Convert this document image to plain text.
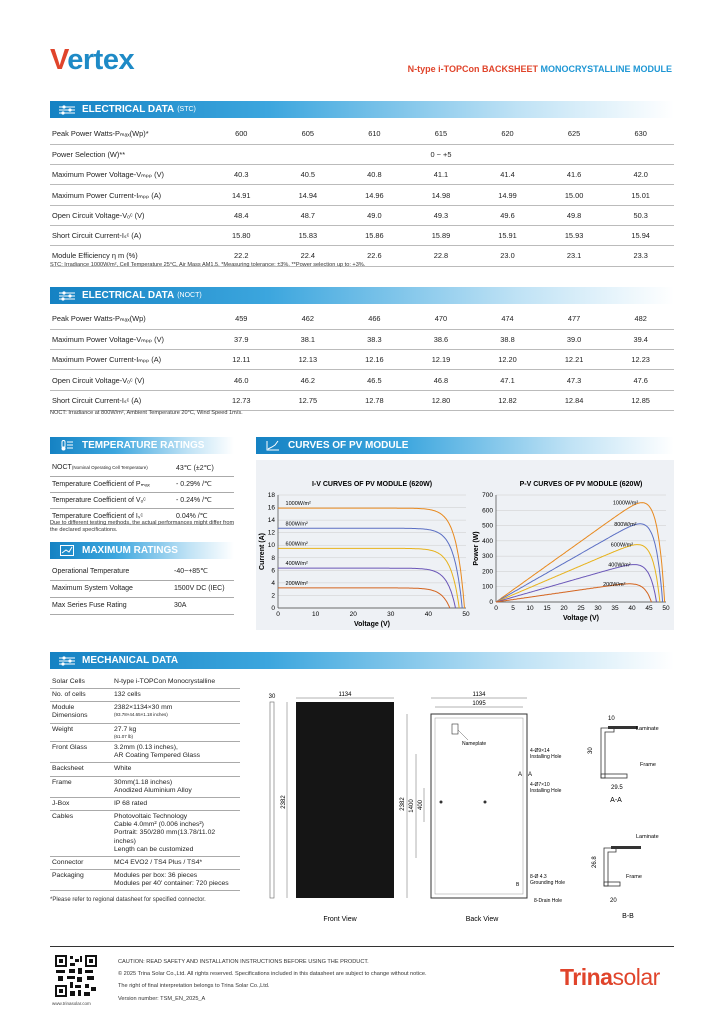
Vertex	N-type i-TOPCon BACKSHEET MONOCRYSTALLINE MODULE
ELECTRICAL DATA (STC)
Peak Power Watts-Pₘₐₓ(Wp)*	600	605	610	615	620	625	630
Power Selection (W)**	0 ~ +5						
Maximum Power Voltage-Vₘₚₚ (V)	40.3	40.5	40.8	41.1	41.4	41.6	42.0
Maximum Power Current-Iₘₚₚ (A)	14.91	14.94	14.96	14.98	14.99	15.00	15.01
Open Circuit Voltage-Vₒᶜ (V)	48.4	48.7	49.0	49.3	49.6	49.8	50.3
Short Circuit Current-Iₛᶜ (A)	15.80	15.83	15.86	15.89	15.91	15.93	15.94
Module Efficiency η m (%)	22.2	22.4	22.6	22.8	23.0	23.1	23.3
STC: Irradiance 1000W/m², Cell Temperature 25°C, Air Mass AM1.5. *Measuring tolerance: ±3%. **Power selection up to: +3%.
ELECTRICAL DATA (NOCT)
Peak Power Watts-Pₘₐₓ(Wp)	459	462	466	470	474	477	482
Maximum Power Voltage-Vₘₚₚ (V)	37.9	38.1	38.3	38.6	38.8	39.0	39.4
Maximum Power Current-Iₘₚₚ (A)	12.11	12.13	12.16	12.19	12.20	12.21	12.23
Open Circuit Voltage-Vₒᶜ (V)	46.0	46.2	46.5	46.8	47.1	47.3	47.6
Short Circuit Current-Iₛᶜ (A)	12.73	12.75	12.78	12.80	12.82	12.84	12.85
NOCT: Irradiance at 800W/m², Ambient Temperature 20°C, Wind Speed 1m/s.
TEMPERATURE RATINGS
NOCT(Nominal Operating Cell Temperature)	43℃ (±2℃)
Temperature Coefficient of Pₘₐₓ	- 0.29% /℃
Temperature Coefficient of Vₒᶜ	- 0.24% /℃
Temperature Coefficient of Iₛᶜ	0.04% /℃
Due to different testing methods, the actual performances might differ from the declared specifications.
MAXIMUM RATINGS
Operational Temperature	-40~+85℃
Maximum System Voltage	1500V DC (IEC)
Max Series Fuse Rating	30A
CURVES OF PV MODULE
I-V CURVES OF PV MODULE (620W)
0
2
4
6
8
10
12
14
16
18
0	10	20	30	40	50
Voltage (V)
Current (A)
1000W/m²
800W/m²
600W/m²
400W/m²
200W/m²
P-V CURVES OF PV MODULE (620W)
0
100
200
300
400
500
600
700
0 5 10 15 20 25 30 35 40 45 50
Voltage (V)
Power (W)
1000W/m²
800W/m²
600W/m²
400W/m²
200W/m²
MECHANICAL DATA
Solar Cells	N-type i-TOPCon Monocrystalline

No. of cells	132 cells

Module Dimensions	2382×1134×30 mm
(93.78×44.65×1.18 inches)

Weight	27.7 kg
(61.07 lb)

Front Glass	3.2mm (0.13 inches),
AR Coating Tempered Glass

Backsheet	White

Frame	30mm(1.18 inches)
Anodized Aluminium Alloy

J-Box	IP 68 rated

Cables	Photovoltaic Technology
Cable 4.0mm² (0.006 inches²)
Portrait: 350/280 mm(13.78/11.02 inches)
Length can be customized

Connector	MC4 EVO2 / TS4 Plus / TS4*

Packaging	Modules per box: 36 pieces
Modules per 40' container: 720 pieces
*Please refer to regional datasheet for specified connector.
1134
30
2382
Front View
1134
1095
2382 1400 400
Nameplate
4-Ø9×14
Installing Hole
4-Ø7×10
Installing Hole
A A
8-Ø 4.3
Grounding Hole
8-Drain Hole
B
Back View
10
30
Laminate
Frame
29.5
A-A
26.8
Laminate
Frame
20
B-B
www.trinasolar.com
CAUTION: READ SAFETY AND INSTALLATION INSTRUCTIONS BEFORE USING THE PRODUCT.
© 2025 Trina Solar Co.,Ltd. All rights reserved. Specifications included in this datasheet are subject to change without notice.
The right of final interpretation belongs to Trina Solar Co.,Ltd.
Version number: TSM_EN_2025_A
Trinasolar
